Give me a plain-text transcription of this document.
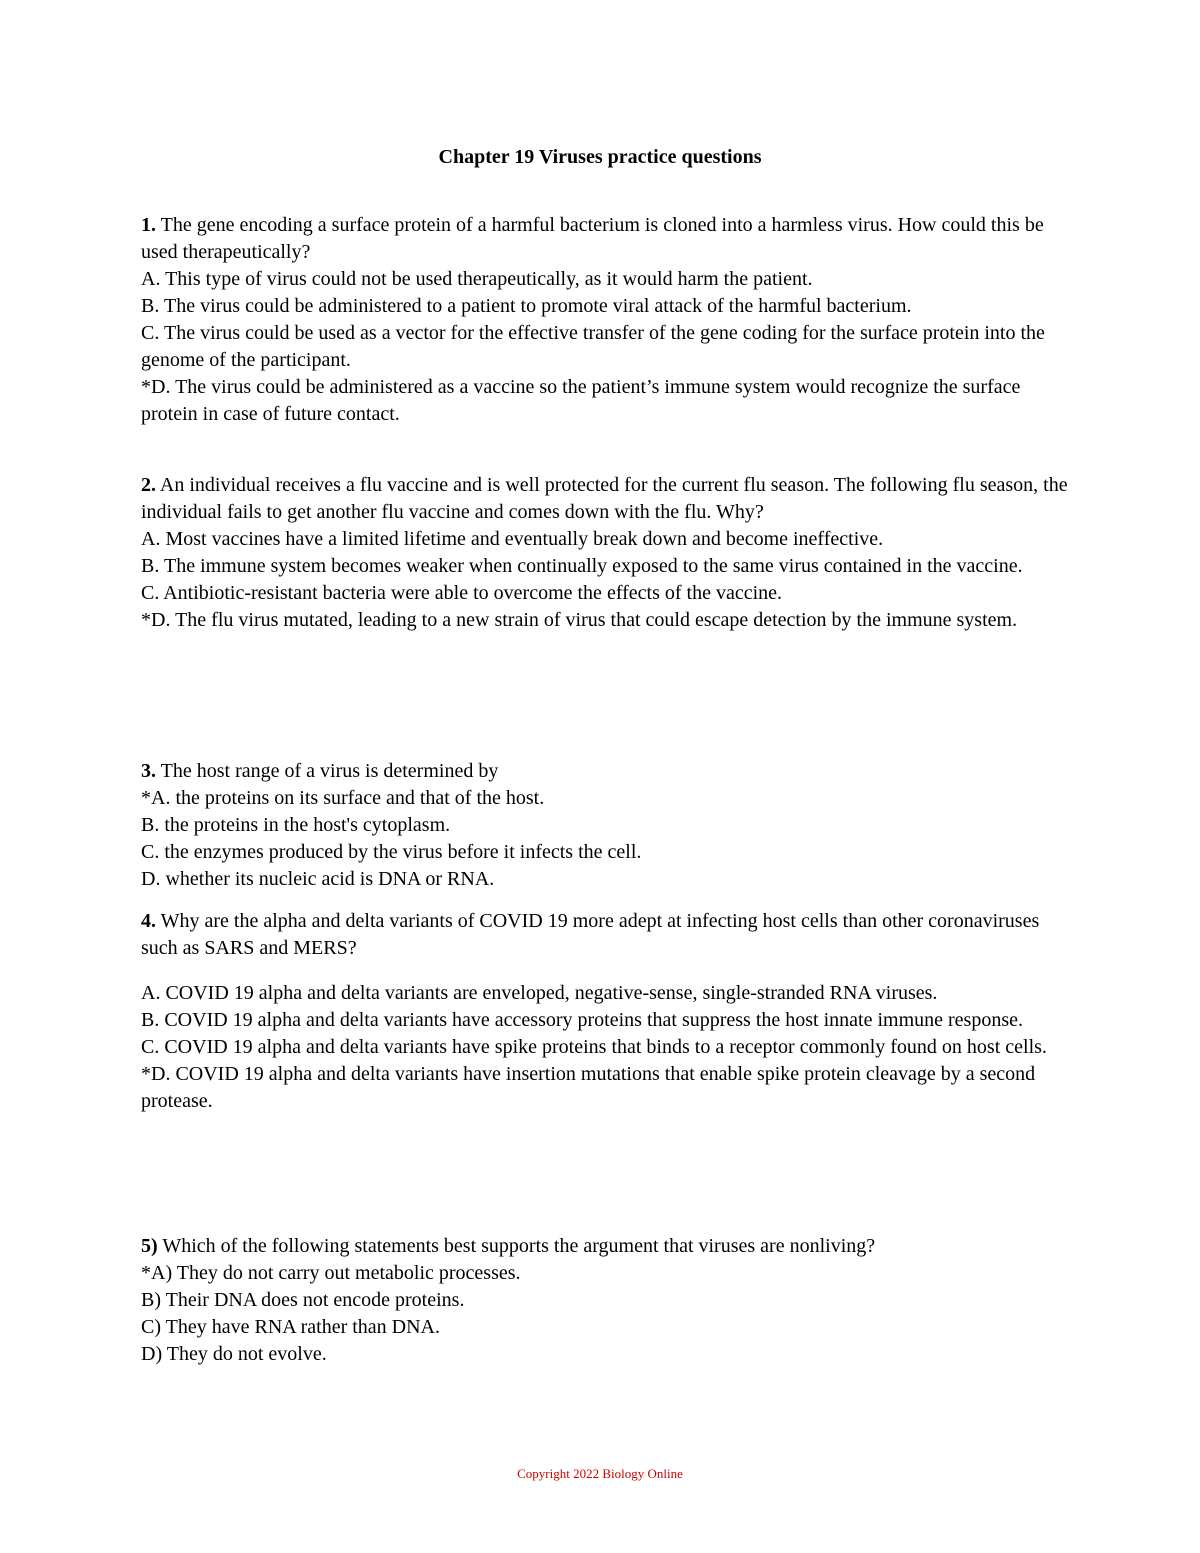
Chapter 19 Viruses practice questions
1. The gene encoding a surface protein of a harmful bacterium is cloned into a harmless virus. How could this be used therapeutically?
A. This type of virus could not be used therapeutically, as it would harm the patient.
B. The virus could be administered to a patient to promote viral attack of the harmful bacterium.
C. The virus could be used as a vector for the effective transfer of the gene coding for the surface protein into the genome of the participant.
*D. The virus could be administered as a vaccine so the patient’s immune system would recognize the surface protein in case of future contact.
2. An individual receives a flu vaccine and is well protected for the current flu season. The following flu season, the individual fails to get another flu vaccine and comes down with the flu. Why?
A. Most vaccines have a limited lifetime and eventually break down and become ineffective.
B. The immune system becomes weaker when continually exposed to the same virus contained in the vaccine.
C. Antibiotic-resistant bacteria were able to overcome the effects of the vaccine.
*D. The flu virus mutated, leading to a new strain of virus that could escape detection by the immune system.
3. The host range of a virus is determined by
*A. the proteins on its surface and that of the host.
B. the proteins in the host's cytoplasm.
C. the enzymes produced by the virus before it infects the cell.
D. whether its nucleic acid is DNA or RNA.
4. Why are the alpha and delta variants of COVID 19 more adept at infecting host cells than other coronaviruses such as SARS and MERS?
A. COVID 19 alpha and delta variants are enveloped, negative-sense, single-stranded RNA viruses.
B. COVID 19 alpha and delta variants have accessory proteins that suppress the host innate immune response.
C. COVID 19 alpha and delta variants have spike proteins that binds to a receptor commonly found on host cells.
*D. COVID 19 alpha and delta variants have insertion mutations that enable spike protein cleavage by a second protease.
5) Which of the following statements best supports the argument that viruses are nonliving?
*A) They do not carry out metabolic processes.
B) Their DNA does not encode proteins.
C) They have RNA rather than DNA.
D) They do not evolve.
Copyright 2022 Biology Online
